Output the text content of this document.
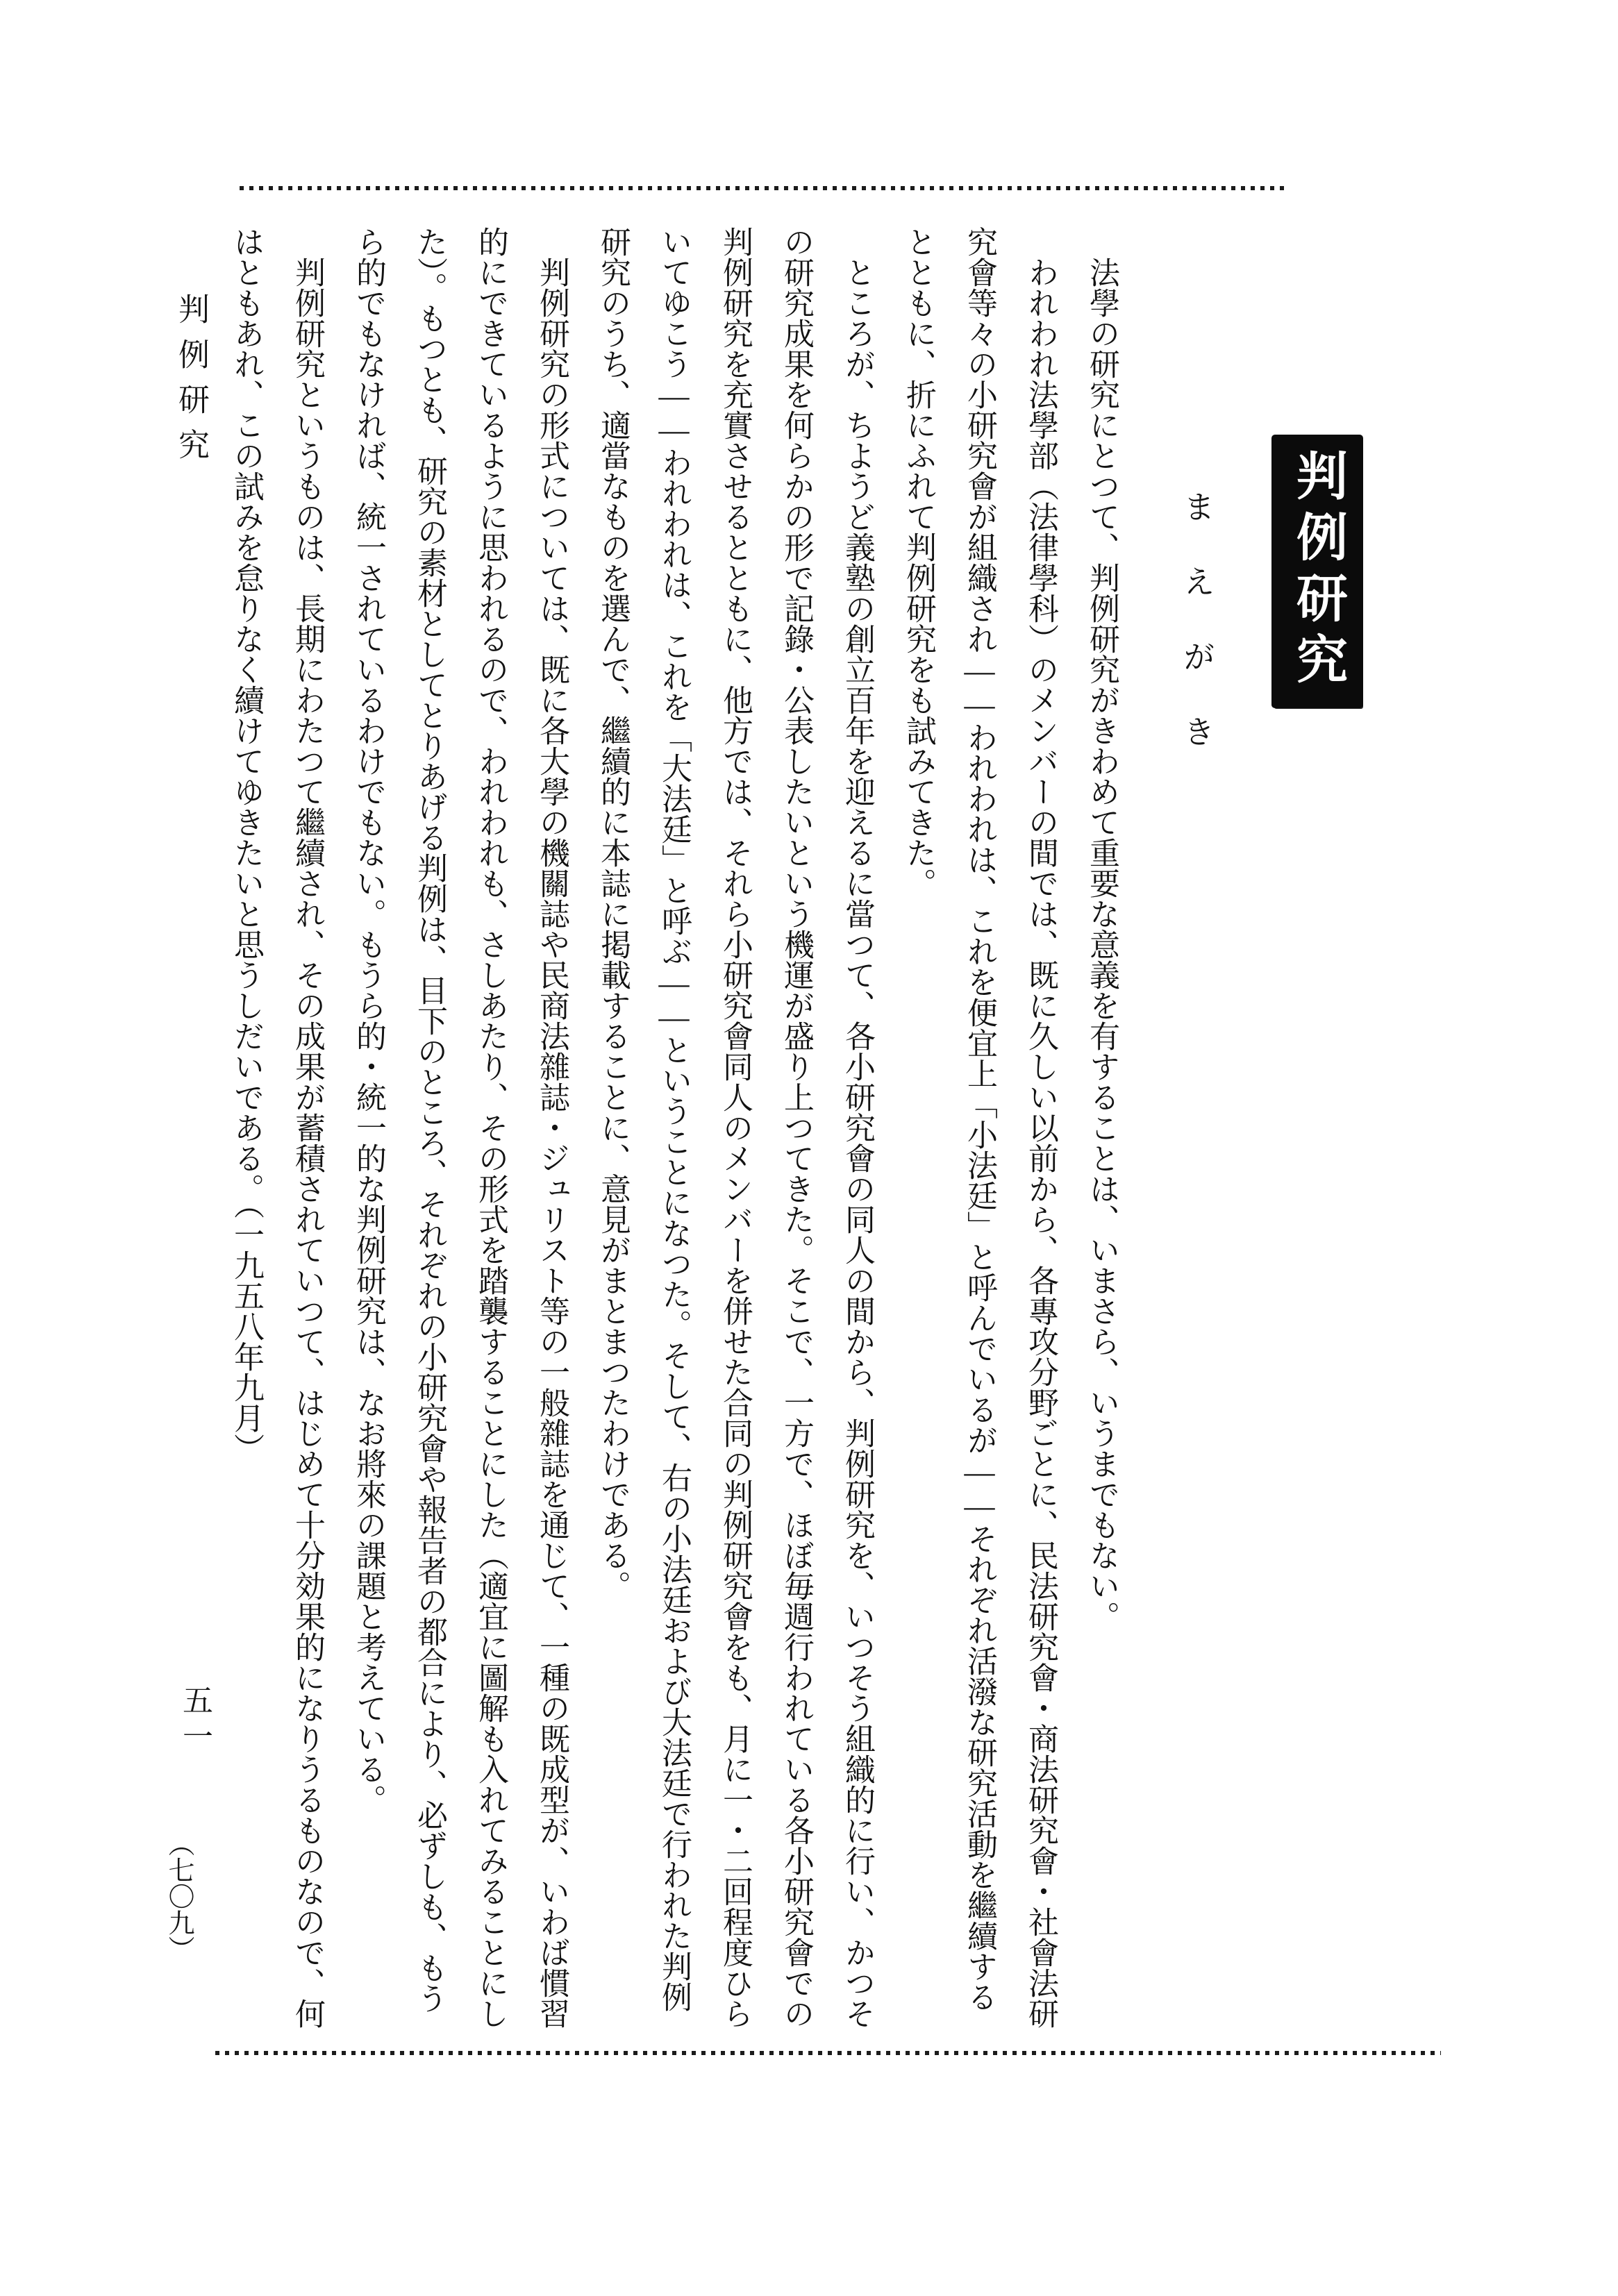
判例研究
まえがき

法學の研究にとつて、判例研究がきわめて重要な意義を有することは、いまさら、いうまでもない。

われわれ法學部（法律學科）のメンバーの間では、既に久しい以前から、各專攻分野ごとに、民法研究會・商法研究會・社會法研究會等々の小研究會が組織され——われわれは、これを便宜上「小法廷」と呼んでいるが——それぞれ活潑な研究活動を繼續するとともに、折にふれて判例研究をも試みてきた。

ところが、ちようど義塾の創立百年を迎えるに當つて、各小研究會の同人の間から、判例研究を、いつそう組織的に行い、かつその研究成果を何らかの形で記錄・公表したいという機運が盛り上つてきた。そこで、一方で、ほぼ毎週行われている各小研究會での判例研究を充實させるとともに、他方では、それら小研究會同人のメンバーを併せた合同の判例研究會をも、月に一・二回程度ひらいてゆこう——われわれは、これを「大法廷」と呼ぶ——ということになつた。そして、右の小法廷および大法廷で行われた判例研究のうち、適當なものを選んで、繼續的に本誌に掲載することに、意見がまとまつたわけである。

判例研究の形式については、既に各大學の機關誌や民商法雜誌・ジュリスト等の一般雜誌を通じて、一種の既成型が、いわば慣習的にできているように思われるので、われわれも、さしあたり、その形式を踏襲することにした（適宜に圖解も入れてみることにした）。もつとも、研究の素材としてとりあげる判例は、目下のところ、それぞれの小研究會や報告者の都合により、必ずしも、もうら的でもなければ、統一されているわけでもない。もうら的・統一的な判例研究は、なお將來の課題と考えている。

判例研究というものは、長期にわたつて繼續され、その成果が蓄積されていつて、はじめて十分効果的になりうるものなので、何はともあれ、この試みを怠りなく續けてゆきたいと思うしだいである。（一九五八年九月）

判例研究
五一
（七〇九）
